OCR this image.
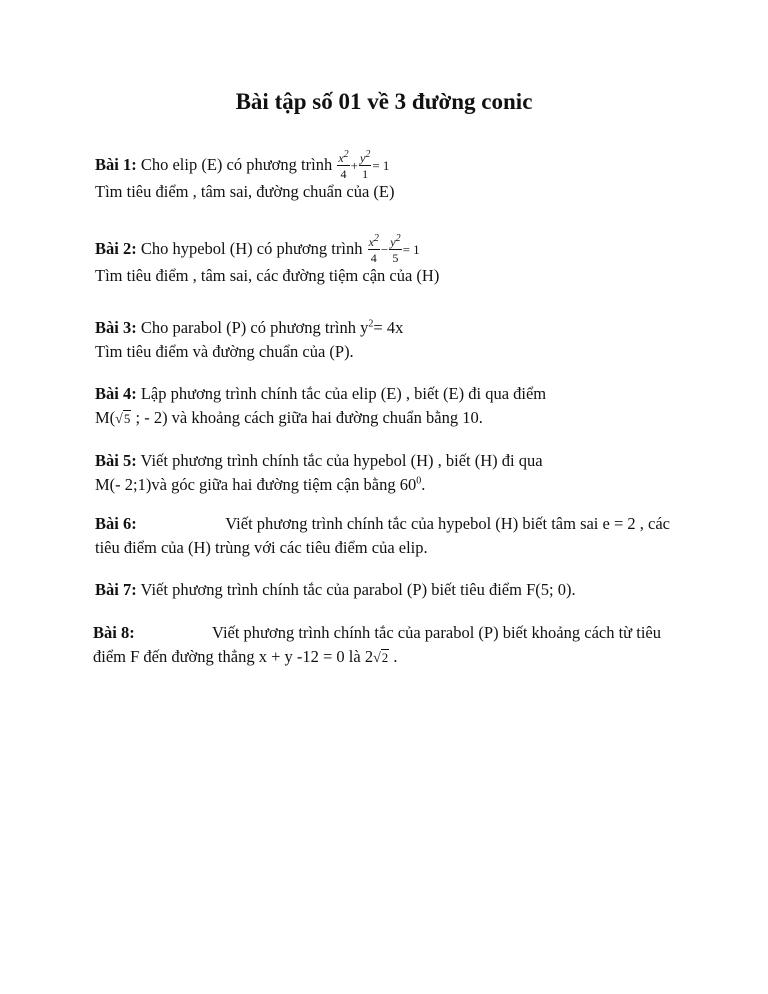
Bài tập số 01 về 3 đường conic
Bài 1: Cho elip (E) có phương trình $\frac{x^2}{4} + \frac{y^2}{1} = 1$
Tìm tiêu điểm , tâm sai, đường chuẩn của (E)
Bài 2: Cho hypebol (H) có phương trình $\frac{x^2}{4} - \frac{y^2}{5} = 1$
Tìm tiêu điểm , tâm sai, các đường tiệm cận của (H)
Bài 3: Cho parabol (P) có phương trình $y^2= 4x$
Tìm tiêu điểm và đường chuẩn của (P).
Bài 4: Lập phương trình chính tắc của elip (E) , biết (E) đi qua điểm
M(√5 ; - 2) và khoảng cách giữa hai đường chuẩn bằng 10.
Bài 5: Viết phương trình chính tắc của hypebol (H) , biết (H) đi qua
M(- 2;1)và góc giữa hai đường tiệm cận bằng $60^0$.
Bài 6:	Viết phương trình chính tắc của hypebol (H) biết tâm sai e = 2 , các
tiêu điểm của (H) trùng với các tiêu điểm của elip.
Bài 7: Viết phương trình chính tắc của parabol (P) biết tiêu điểm F(5; 0).
Bài 8:	Viết phương trình chính tắc của parabol (P) biết khoảng cách từ tiêu
điểm F đến đường thẳng x + y -12 = 0 là 2√2 .
